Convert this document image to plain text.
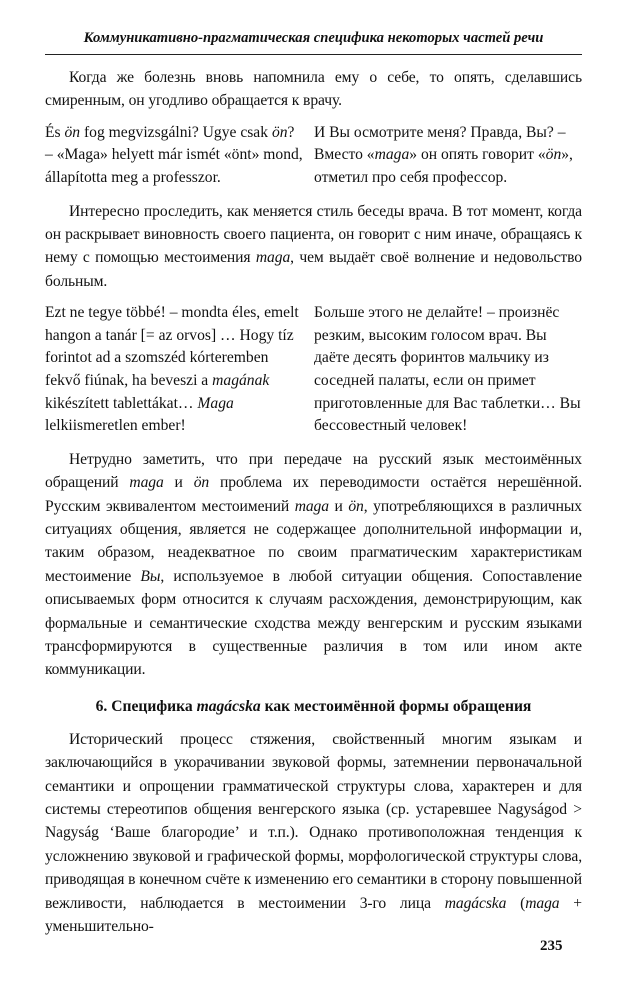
Коммуникативно-прагматическая специфика некоторых частей речи

Когда же болезнь вновь напомнила ему о себе, то опять, сделавшись смиренным, он угодливо обращается к врачу.

És ön fog megvizsgálni? Ugye csak ön? – «Maga» helyett már ismét «önt» mond, állapította meg a professzor.
И Вы осмотрите меня? Правда, Вы? – Вместо «maga» он опять говорит «ön», отметил про себя профессор.

Интересно проследить, как меняется стиль беседы врача. В тот момент, когда он раскрывает виновность своего пациента, он говорит с ним иначе, обращаясь к нему с помощью местоимения maga, чем выдаёт своё волнение и недовольство больным.

Ezt ne tegye többé! – mondta éles, emelt hangon a tanár [= az orvos] … Hogy tíz forintot ad a szomszéd kórteremben fekvő fiúnak, ha beveszi a magának kikészített tablettákat… Maga lelkiismeretlen ember!
Больше этого не делайте! – произнёс резким, высоким голосом врач. Вы даёте десять форинтов мальчику из соседней палаты, если он примет приготовленные для Вас таблетки… Вы бессовестный человек!

Нетрудно заметить, что при передаче на русский язык местоимённых обращений maga и ön проблема их переводимости остаётся нерешённой. Русским эквивалентом местоимений maga и ön, употребляющихся в различных ситуациях общения, является не содержащее дополнительной информации и, таким образом, неадекватное по своим прагматическим характеристикам местоимение Вы, используемое в любой ситуации общения. Сопоставление описываемых форм относится к случаям расхождения, демонстрирующим, как формальные и семантические сходства между венгерским и русским языками трансформируются в существенные различия в том или ином акте коммуникации.

6. Специфика magácska как местоимённой формы обращения

Исторический процесс стяжения, свойственный многим языкам и заключающийся в укорачивании звуковой формы, затемнении первоначальной семантики и опрощении грамматической структуры слова, характерен и для системы стереотипов общения венгерского языка (ср. устаревшее Nagyságod > Nagyság ‘Ваше благородие’ и т.п.). Однако противоположная тенденция к усложнению звуковой и графической формы, морфологической структуры слова, приводящая в конечном счёте к изменению его семантики в сторону повышенной вежливости, наблюдается в местоимении 3-го лица magácska (maga + уменьшительно-

235
